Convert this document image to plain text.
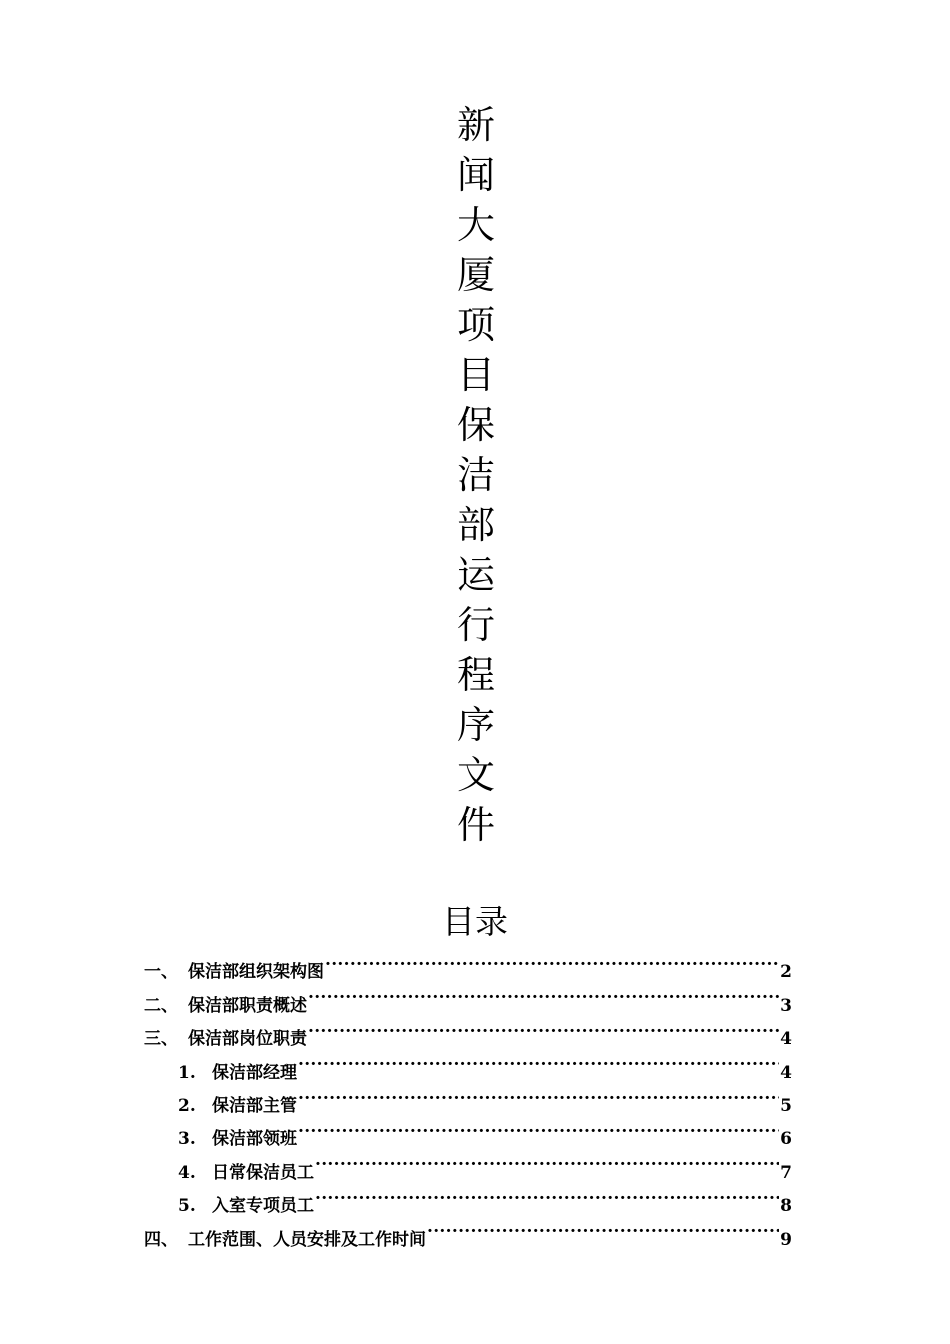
新
闻
大
厦
项
目
保
洁
部
运
行
程
序
文
件
目录
一、 保洁部组织架构图 .....	2
二、 保洁部职责概述 .....	3
三、 保洁部岗位职责 .....	4
1. 保洁部经理 .....	4
2. 保洁部主管 .....	5
3. 保洁部领班 .....	6
4. 日常保洁员工 .....	7
5. 入室专项员工 .....	8
四、 工作范围、人员安排及工作时间 .....	9
